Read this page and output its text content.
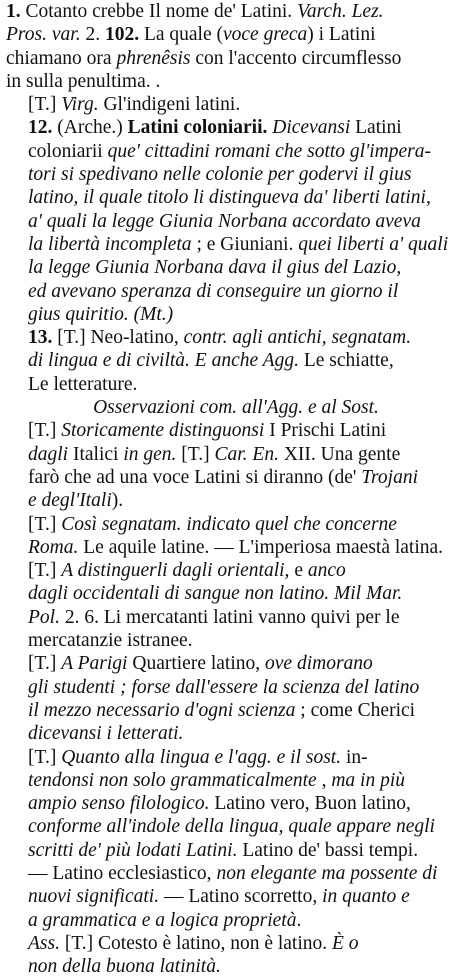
1. Cotanto crebbe Il nome de' Latini. Varch. Lez.
Pros. var. 2. 102. La quale (voce greca) i Latini
chiamano ora phrenêsis con l'accento circumflesso
in sulla penultima. .
[T.] Virg. Gl'indigeni latini.
12. (Arche.) Latini coloniarii. Dicevansi Latini
coloniarii que' cittadini romani che sotto gl'impera-
tori si spedivano nelle colonie per godervi il gius
latino, il quale titolo li distingueva da' liberti latini,
a' quali la legge Giunia Norbana accordato aveva
la libertà incompleta ; e Giuniani. quei liberti a' quali
la legge Giunia Norbana dava il gius del Lazio,
ed avevano speranza di conseguire un giorno il
gius quiritio. (Mt.)
13. [T.] Neo-latino, contr. agli antichi, segnatam.
di lingua e di civiltà. E anche Agg. Le schiatte,
Le letterature.
Osservazioni com. all'Agg. e al Sost.
[T.] Storicamente distinguonsi I Prischi Latini
dagli Italici in gen. [T.] Car. En. XII. Una gente
farò che ad una voce Latini si diranno (de' Trojani
e degl'Itali).
[T.] Così segnatam. indicato quel che concerne
Roma. Le aquile latine. — L'imperiosa maestà latina.
[T.] A distinguerli dagli orientali, e anco
dagli occidentali di sangue non latino. Mil Mar.
Pol. 2. 6. Li mercatanti latini vanno quivi per le
mercatanzie istranee.
[T.] A Parigi Quartiere latino, ove dimorano
gli studenti ; forse dall'essere la scienza del latino
il mezzo necessario d'ogni scienza ; come Cherici
dicevansi i letterati.
[T.] Quanto alla lingua e l'agg. e il sost. in-
tendonsi non solo grammaticalmente , ma in più
ampio senso filologico. Latino vero, Buon latino,
conforme all'indole della lingua, quale appare negli
scritti de' più lodati Latini. Latino de' bassi tempi.
— Latino ecclesiastico, non elegante ma possente di
nuovi significati. — Latino scorretto, in quanto e
a grammatica e a logica proprietà.
Ass. [T.] Cotesto è latino, non è latino. È o
non della buona latinità.
